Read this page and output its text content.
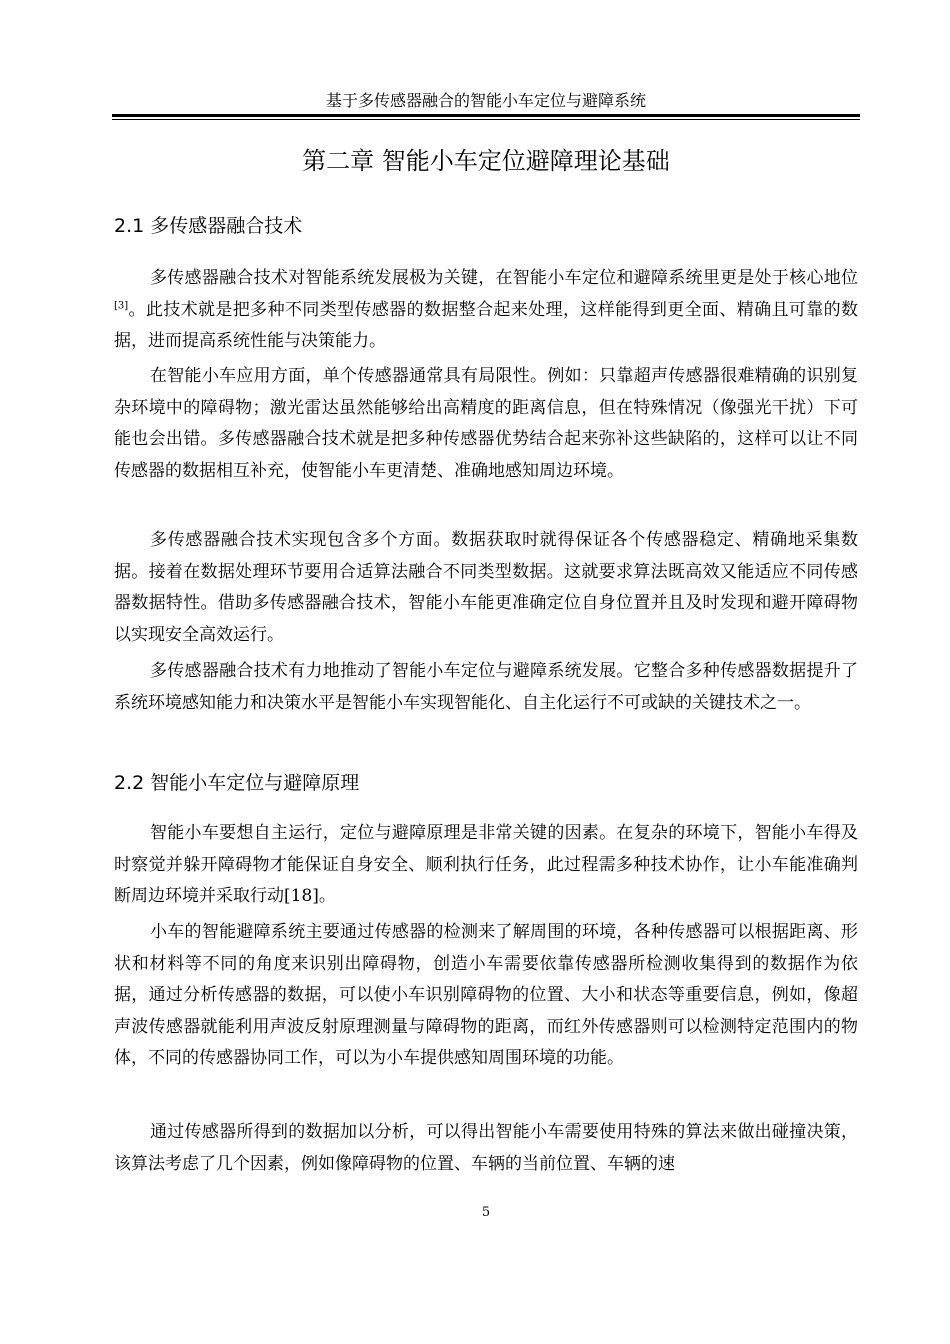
基于多传感器融合的智能小车定位与避障系统
第二章 智能小车定位避障理论基础
2.1 多传感器融合技术

多传感器融合技术对智能系统发展极为关键，在智能小车定位和避障系统里更是处于核心地位[3]。此技术就是把多种不同类型传感器的数据整合起来处理，这样能得到更全面、精确且可靠的数据，进而提高系统性能与决策能力。

在智能小车应用方面，单个传感器通常具有局限性。例如：只靠超声传感器很难精确的识别复杂环境中的障碍物；激光雷达虽然能够给出高精度的距离信息，但在特殊情况（像强光干扰）下可能也会出错。多传感器融合技术就是把多种传感器优势结合起来弥补这些缺陷的，这样可以让不同传感器的数据相互补充，使智能小车更清楚、准确地感知周边环境。

多传感器融合技术实现包含多个方面。数据获取时就得保证各个传感器稳定、精确地采集数据。接着在数据处理环节要用合适算法融合不同类型数据。这就要求算法既高效又能适应不同传感器数据特性。借助多传感器融合技术，智能小车能更准确定位自身位置并且及时发现和避开障碍物以实现安全高效运行。

多传感器融合技术有力地推动了智能小车定位与避障系统发展。它整合多种传感器数据提升了系统环境感知能力和决策水平是智能小车实现智能化、自主化运行不可或缺的关键技术之一。

2.2 智能小车定位与避障原理

智能小车要想自主运行，定位与避障原理是非常关键的因素。在复杂的环境下，智能小车得及时察觉并躲开障碍物才能保证自身安全、顺利执行任务，此过程需多种技术协作，让小车能准确判断周边环境并采取行动[18]。

小车的智能避障系统主要通过传感器的检测来了解周围的环境，各种传感器可以根据距离、形状和材料等不同的角度来识别出障碍物，创造小车需要依靠传感器所检测收集得到的数据作为依据，通过分析传感器的数据，可以使小车识别障碍物的位置、大小和状态等重要信息，例如，像超声波传感器就能利用声波反射原理测量与障碍物的距离，而红外传感器则可以检测特定范围内的物体，不同的传感器协同工作，可以为小车提供感知周围环境的功能。

通过传感器所得到的数据加以分析，可以得出智能小车需要使用特殊的算法来做出碰撞决策，该算法考虑了几个因素，例如像障碍物的位置、车辆的当前位置、车辆的速

5
